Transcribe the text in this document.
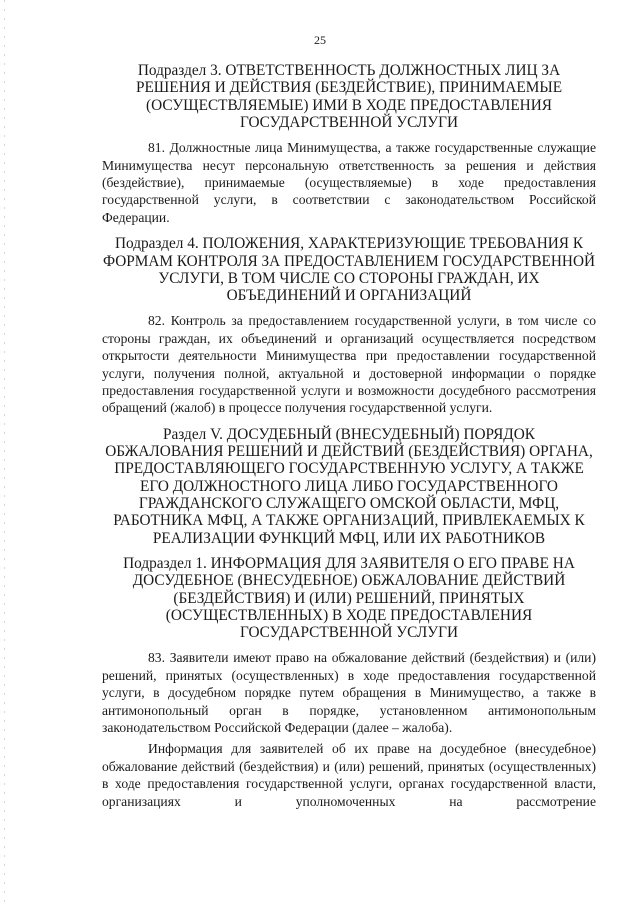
25
Подраздел 3. ОТВЕТСТВЕННОСТЬ ДОЛЖНОСТНЫХ ЛИЦ ЗА РЕШЕНИЯ И ДЕЙСТВИЯ (БЕЗДЕЙСТВИЕ), ПРИНИМАЕМЫЕ (ОСУЩЕСТВЛЯЕМЫЕ) ИМИ В ХОДЕ ПРЕДОСТАВЛЕНИЯ ГОСУДАРСТВЕННОЙ УСЛУГИ

81. Должностные лица Минимущества, а также государственные служащие Минимущества несут персональную ответственность за решения и действия (бездействие), принимаемые (осуществляемые) в ходе предоставления государственной услуги, в соответствии с законодательством Российской Федерации.

Подраздел 4. ПОЛОЖЕНИЯ, ХАРАКТЕРИЗУЮЩИЕ ТРЕБОВАНИЯ К ФОРМАМ КОНТРОЛЯ ЗА ПРЕДОСТАВЛЕНИЕМ ГОСУДАРСТВЕННОЙ УСЛУГИ, В ТОМ ЧИСЛЕ СО СТОРОНЫ ГРАЖДАН, ИХ ОБЪЕДИНЕНИЙ И ОРГАНИЗАЦИЙ

82. Контроль за предоставлением государственной услуги, в том числе со стороны граждан, их объединений и организаций осуществляется посредством открытости деятельности Минимущества при предоставлении государственной услуги, получения полной, актуальной и достоверной информации о порядке предоставления государственной услуги и возможности досудебного рассмотрения обращений (жалоб) в процессе получения государственной услуги.

Раздел V. ДОСУДЕБНЫЙ (ВНЕСУДЕБНЫЙ) ПОРЯДОК ОБЖАЛОВАНИЯ РЕШЕНИЙ И ДЕЙСТВИЙ (БЕЗДЕЙСТВИЯ) ОРГАНА, ПРЕДОСТАВЛЯЮЩЕГО ГОСУДАРСТВЕННУЮ УСЛУГУ, А ТАКЖЕ ЕГО ДОЛЖНОСТНОГО ЛИЦА ЛИБО ГОСУДАРСТВЕННОГО ГРАЖДАНСКОГО СЛУЖАЩЕГО ОМСКОЙ ОБЛАСТИ, МФЦ, РАБОТНИКА МФЦ, А ТАКЖЕ ОРГАНИЗАЦИЙ, ПРИВЛЕКАЕМЫХ К РЕАЛИЗАЦИИ ФУНКЦИЙ МФЦ, ИЛИ ИХ РАБОТНИКОВ
Подраздел 1. ИНФОРМАЦИЯ ДЛЯ ЗАЯВИТЕЛЯ О ЕГО ПРАВЕ НА ДОСУДЕБНОЕ (ВНЕСУДЕБНОЕ) ОБЖАЛОВАНИЕ ДЕЙСТВИЙ (БЕЗДЕЙСТВИЯ) И (ИЛИ) РЕШЕНИЙ, ПРИНЯТЫХ (ОСУЩЕСТВЛЕННЫХ) В ХОДЕ ПРЕДОСТАВЛЕНИЯ ГОСУДАРСТВЕННОЙ УСЛУГИ

83. Заявители имеют право на обжалование действий (бездействия) и (или) решений, принятых (осуществленных) в ходе предоставления государственной услуги, в досудебном порядке путем обращения в Минимущество, а также в антимонопольный орган в порядке, установленном антимонопольным законодательством Российской Федерации (далее – жалоба).

Информация для заявителей об их праве на досудебное (внесудебное) обжалование действий (бездействия) и (или) решений, принятых (осуществленных) в ходе предоставления государственной услуги, органах государственной власти, организациях и уполномоченных на рассмотрение
